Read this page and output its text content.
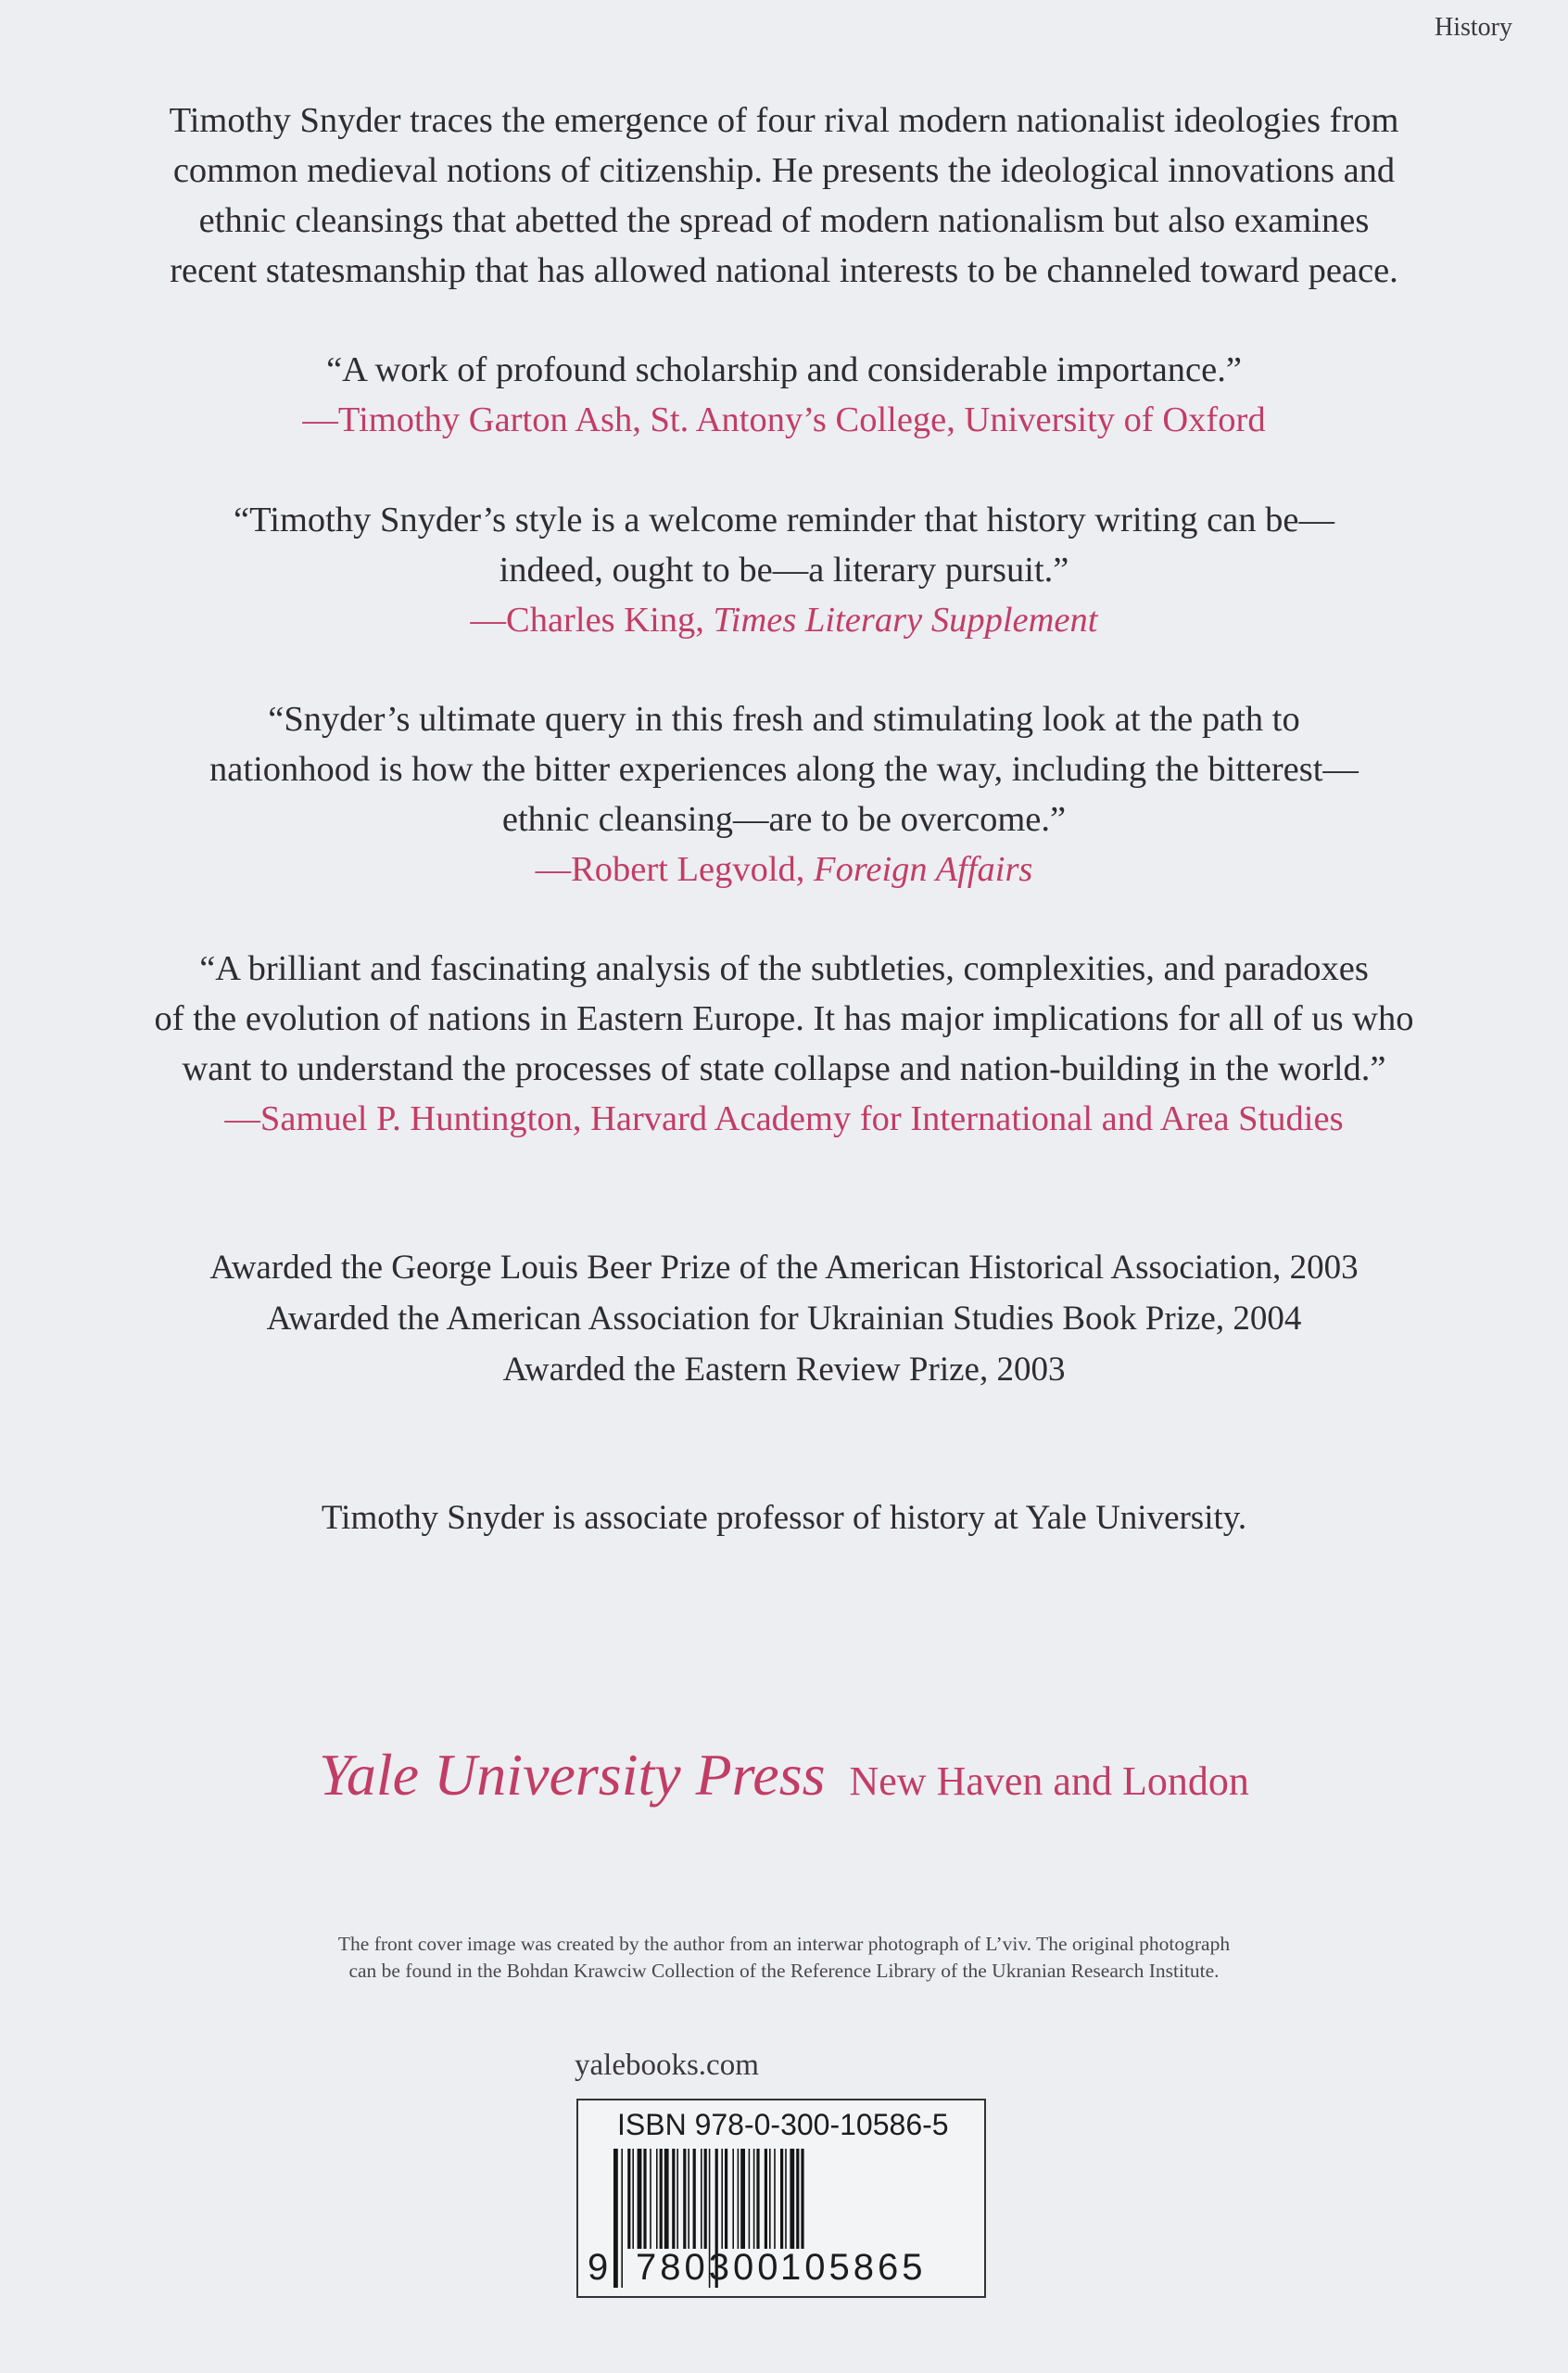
History
Timothy Snyder traces the emergence of four rival modern nationalist ideologies from
common medieval notions of citizenship. He presents the ideological innovations and
ethnic cleansings that abetted the spread of modern nationalism but also examines
recent statesmanship that has allowed national interests to be channeled toward peace.
“A work of profound scholarship and considerable importance.”
—Timothy Garton Ash, St. Antony’s College, University of Oxford
“Timothy Snyder’s style is a welcome reminder that history writing can be—
indeed, ought to be—a literary pursuit.”
—Charles King, Times Literary Supplement
“Snyder’s ultimate query in this fresh and stimulating look at the path to
nationhood is how the bitter experiences along the way, including the bitterest—
ethnic cleansing—are to be overcome.”
—Robert Legvold, Foreign Affairs
“A brilliant and fascinating analysis of the subtleties, complexities, and paradoxes
of the evolution of nations in Eastern Europe. It has major implications for all of us who
want to understand the processes of state collapse and nation-building in the world.”
—Samuel P. Huntington, Harvard Academy for International and Area Studies
Awarded the George Louis Beer Prize of the American Historical Association, 2003
Awarded the American Association for Ukrainian Studies Book Prize, 2004
Awarded the Eastern Review Prize, 2003
Timothy Snyder is associate professor of history at Yale University.
Yale University Press New Haven and London
The front cover image was created by the author from an interwar photograph of L’viv. The original photograph
can be found in the Bohdan Krawciw Collection of the Reference Library of the Ukranian Research Institute.
yalebooks.com
ISBN 978-0-300-10586-5
9 780300
105865
